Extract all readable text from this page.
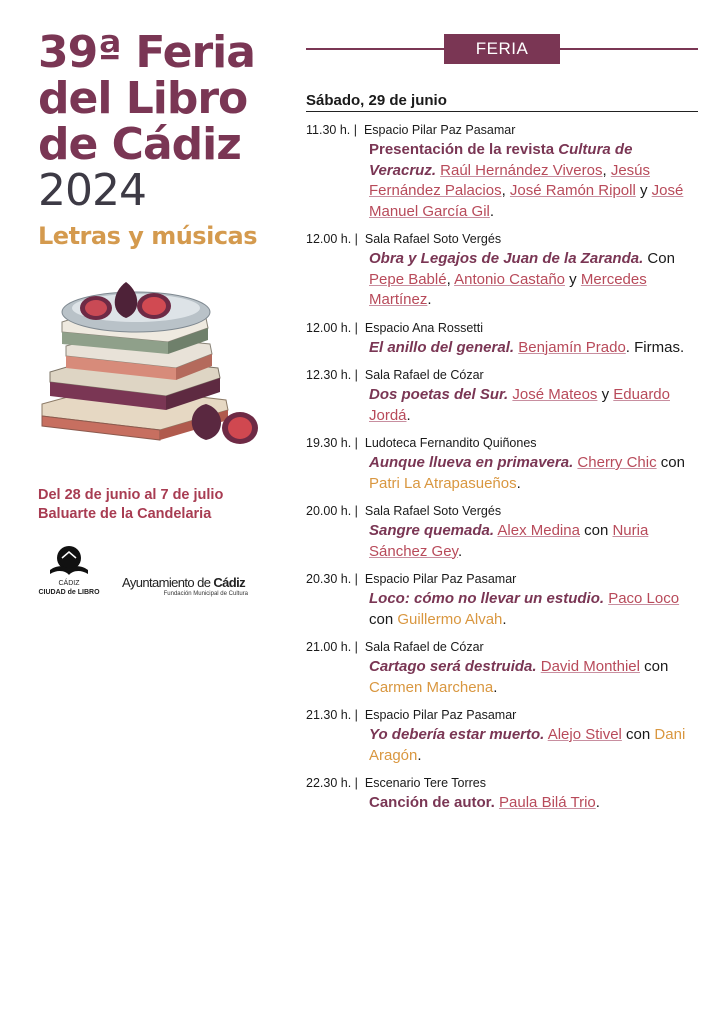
39ª Feria
del Libro
de Cádiz
2024
Letras y músicas
Del 28 de junio al 7 de julio
Baluarte de la Candelaria
CÁDIZ
CIUDAD de LIBRO
Ayuntamiento de Cádiz
Fundación Municipal de Cultura
FERIA
Sábado, 29 de junio
11.30 h. | Espacio Pilar Paz Pasamar
Presentación de la revista Cultura de Veracruz. Raúl Hernández Viveros, Jesús Fernández Palacios, José Ramón Ripoll y José Manuel García Gil.
12.00 h. | Sala Rafael Soto Vergés
Obra y Legajos de Juan de la Zaranda. Con Pepe Bablé, Antonio Castaño y Mercedes Martínez.
12.00 h. | Espacio Ana Rossetti
El anillo del general. Benjamín Prado. Firmas.
12.30 h. | Sala Rafael de Cózar
Dos poetas del Sur. José Mateos y Eduardo Jordá.
19.30 h. | Ludoteca Fernandito Quiñones
Aunque llueva en primavera. Cherry Chic con Patri La Atrapasueños.
20.00 h. | Sala Rafael Soto Vergés
Sangre quemada. Alex Medina con Nuria Sánchez Gey.
20.30 h. | Espacio Pilar Paz Pasamar
Loco: cómo no llevar un estudio. Paco Loco con Guillermo Alvah.
21.00 h. | Sala Rafael de Cózar
Cartago será destruida. David Monthiel con Carmen Marchena.
21.30 h. | Espacio Pilar Paz Pasamar
Yo debería estar muerto. Alejo Stivel con Dani Aragón.
22.30 h. | Escenario Tere Torres
Canción de autor. Paula Bilá Trio.
